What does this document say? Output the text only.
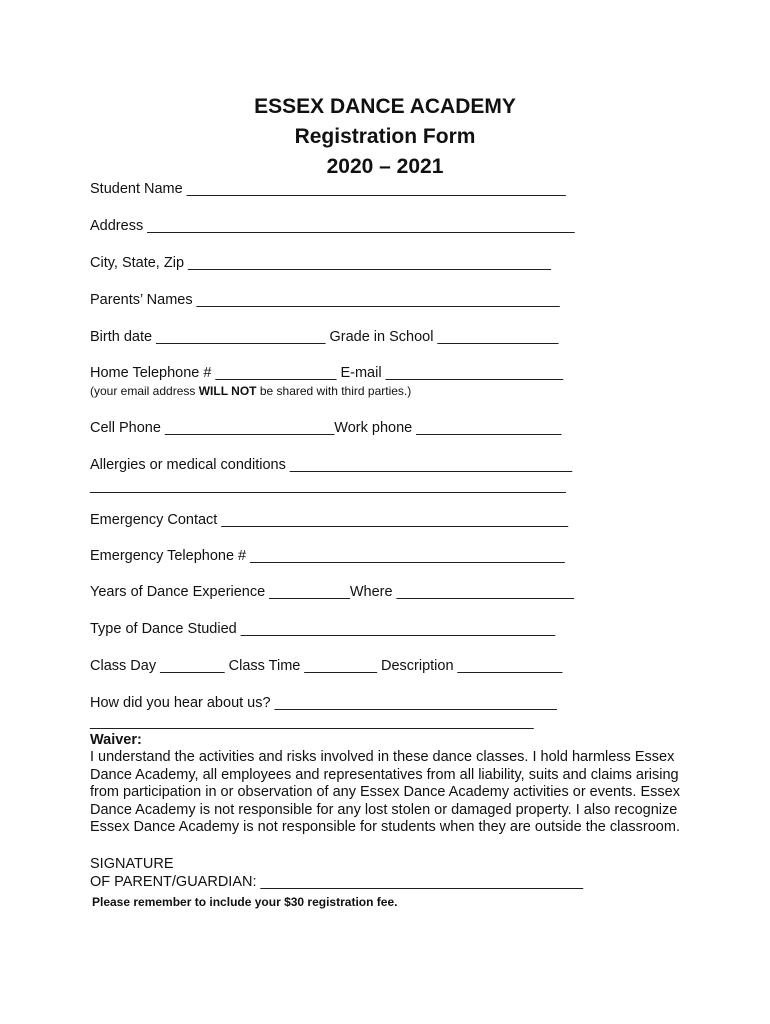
ESSEX DANCE ACADEMY
Registration Form
2020 – 2021
Student Name _______________________________________________
Address _____________________________________________________
City, State, Zip _____________________________________________
Parents’ Names _____________________________________________
Birth date _____________________ Grade in School _______________
Home Telephone # _______________ E-mail ______________________
(your email address WILL NOT be shared with third parties.)
Cell Phone _____________________Work phone __________________
Allergies or medical conditions ___________________________________
___________________________________________________________
Emergency Contact ___________________________________________
Emergency Telephone # _______________________________________
Years of Dance Experience __________Where ______________________
Type of Dance Studied _______________________________________
Class Day ________ Class Time _________ Description _____________
How did you hear about us? ___________________________________
_______________________________________________________
Waiver:
I understand the activities and risks involved in these dance classes. I hold harmless Essex Dance Academy, all employees and representatives from all liability, suits and claims arising from participation in or observation of any Essex Dance Academy activities or events. Essex Dance Academy is not responsible for any lost stolen or damaged property. I also recognize Essex Dance Academy is not responsible for students when they are outside the classroom.
SIGNATURE
OF PARENT/GUARDIAN: ________________________________________
Please remember to include your $30 registration fee.
